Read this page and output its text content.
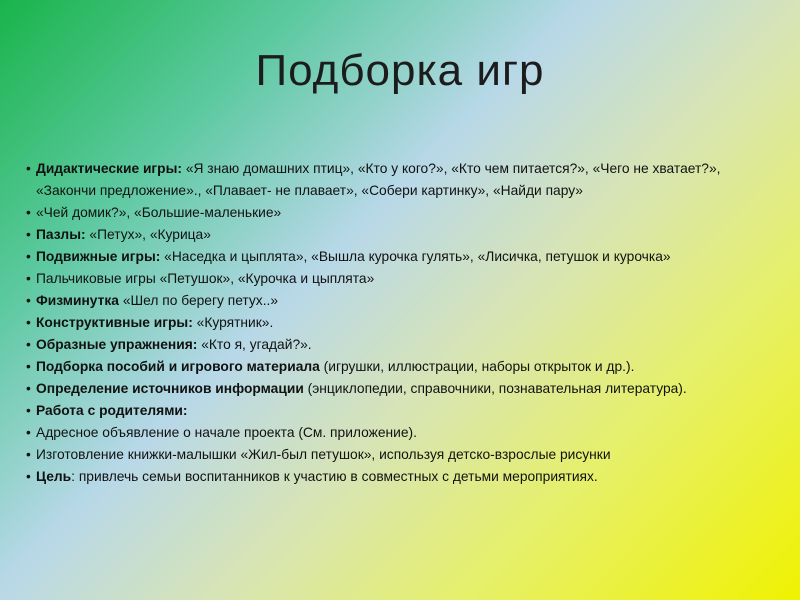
Подборка игр
• Дидактические игры: «Я знаю домашних птиц», «Кто у кого?», «Кто чем питается?», «Чего не хватает?», «Закончи предложение»., «Плавает- не плавает», «Собери картинку», «Найди пару»
• «Чей домик?», «Большие-маленькие»
• Пазлы: «Петух», «Курица»
• Подвижные игры: «Наседка и цыплята», «Вышла курочка гулять», «Лисичка, петушок и курочка»
• Пальчиковые игры «Петушок», «Курочка и цыплята»
• Физминутка «Шел по берегу петух..»
• Конструктивные игры: «Курятник».
• Образные упражнения: «Кто я, угадай?».
• Подборка пособий и игрового материала (игрушки, иллюстрации, наборы открыток и др.).
• Определение источников информации (энциклопедии, справочники, познавательная литература).
• Работа с родителями:
• Адресное объявление о начале проекта (См. приложение).
• Изготовление книжки-малышки «Жил-был петушок», используя детско-взрослые рисунки
• Цель: привлечь семьи воспитанников к участию в совместных с детьми мероприятиях.
